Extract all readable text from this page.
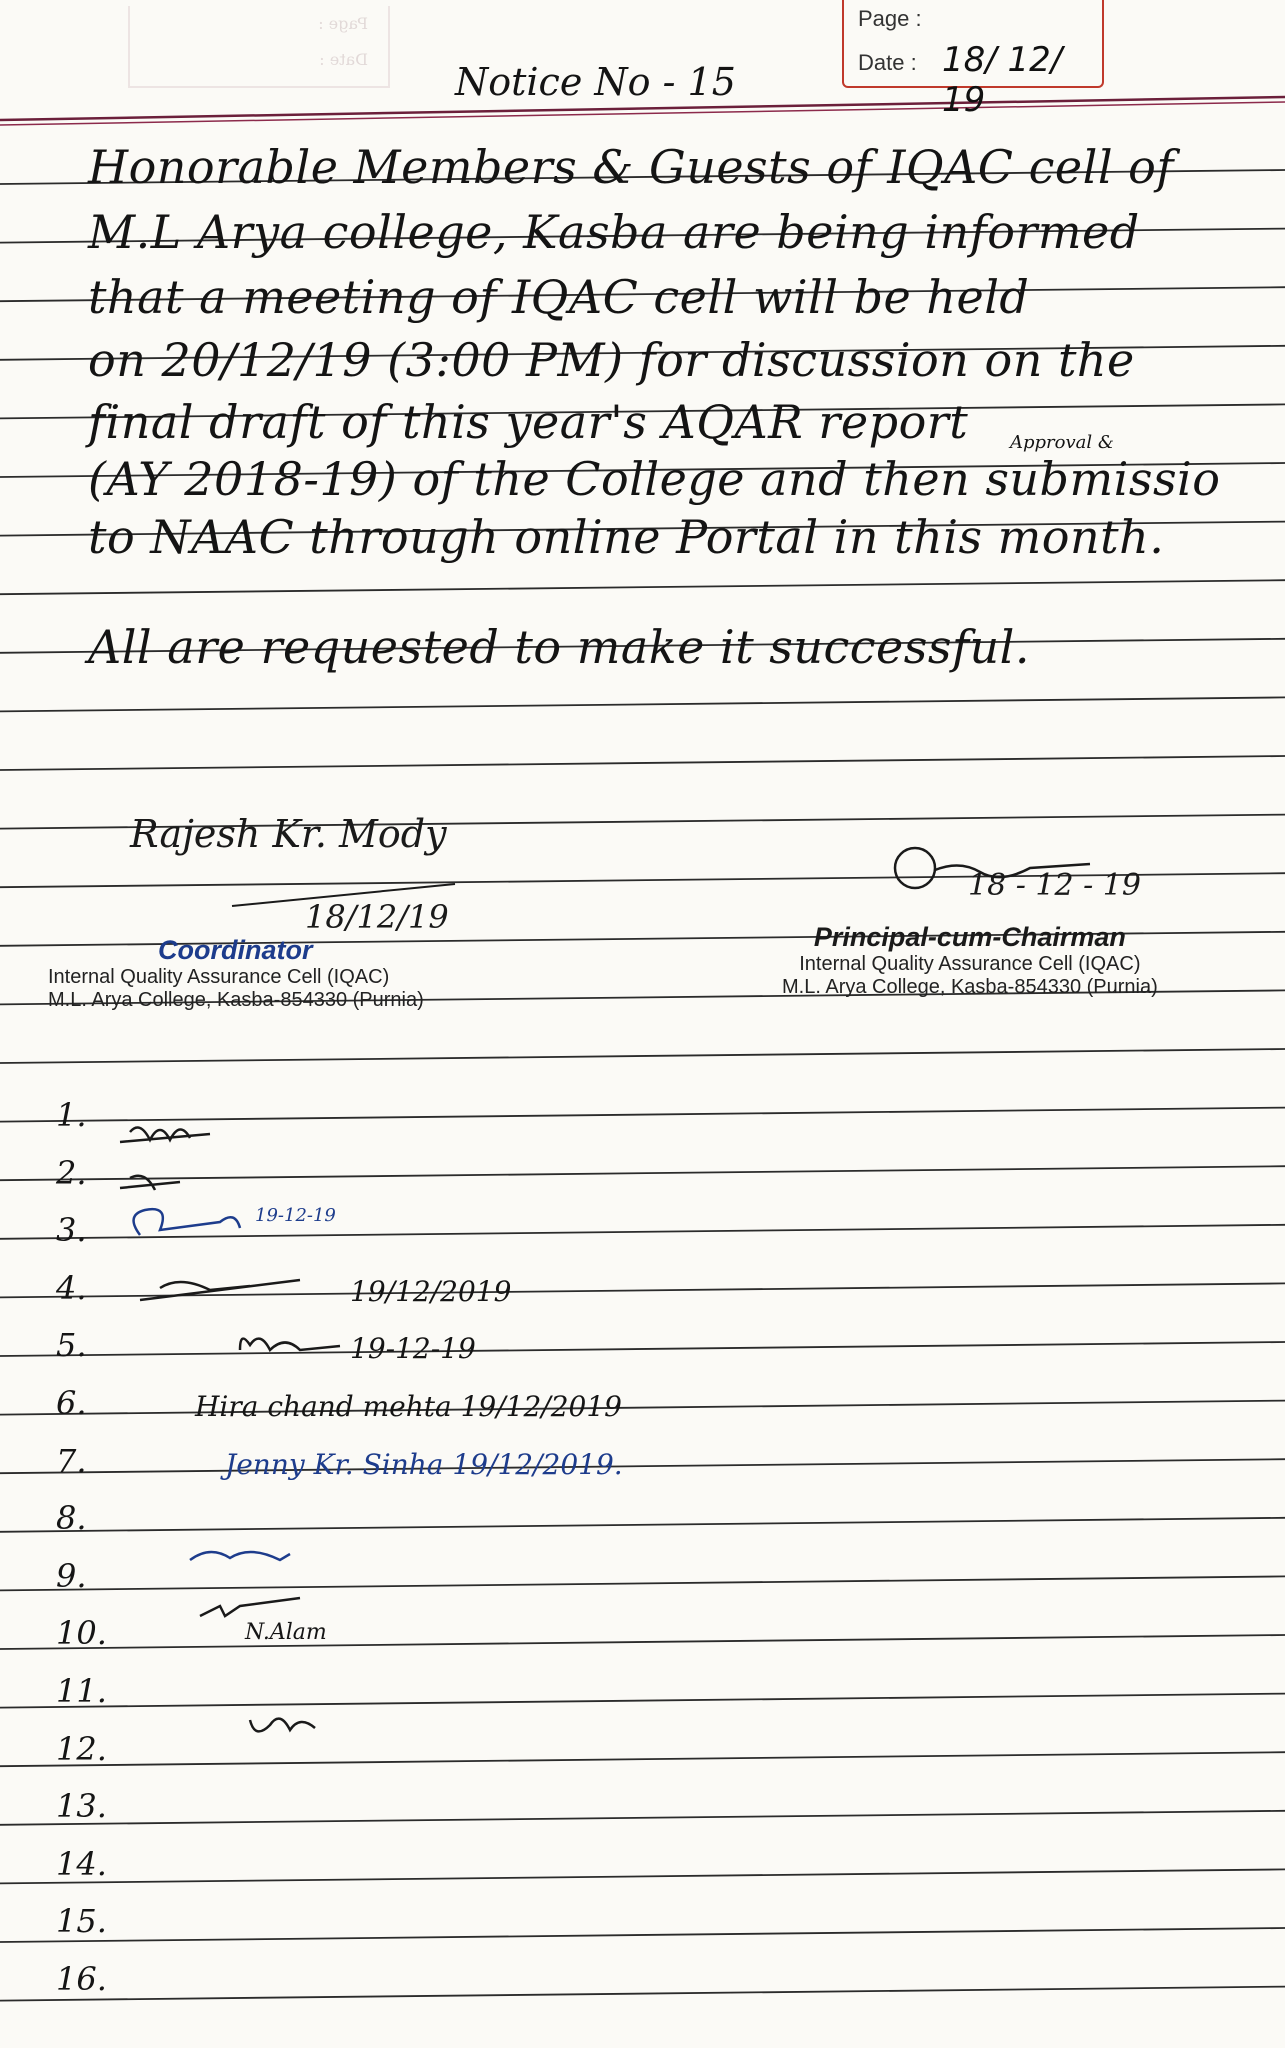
Page :
Date :
Page :
Date : 18/ 12/ 19
Notice No - 15
Honorable Members & Guests of IQAC cell of
M.L Arya college, Kasba are being informed
that a meeting of IQAC cell will be held
on 20/12/19 (3:00 PM) for discussion on the
final draft of this year's AQAR report
(AY 2018-19) of the College and then submissio
to NAAC through online Portal in this month.
Approval &
All are requested to make it successful.
Rajesh Kr. Mody
18/12/19
Coordinator
Internal Quality Assurance Cell (IQAC)
M.L. Arya College, Kasba-854330 (Purnia)
18 - 12 - 19
Principal-cum-Chairman
Internal Quality Assurance Cell (IQAC)
M.L. Arya College, Kasba-854330 (Purnia)
1.
2.
3.	19-12-19
4.	19/12/2019
5.	19-12-19
6.	Hira chand mehta 19/12/2019
7.	Jenny Kr. Sinha 19/12/2019.
8.
9.
10.	N.Alam
11.
12.
13.
14.
15.
16.
